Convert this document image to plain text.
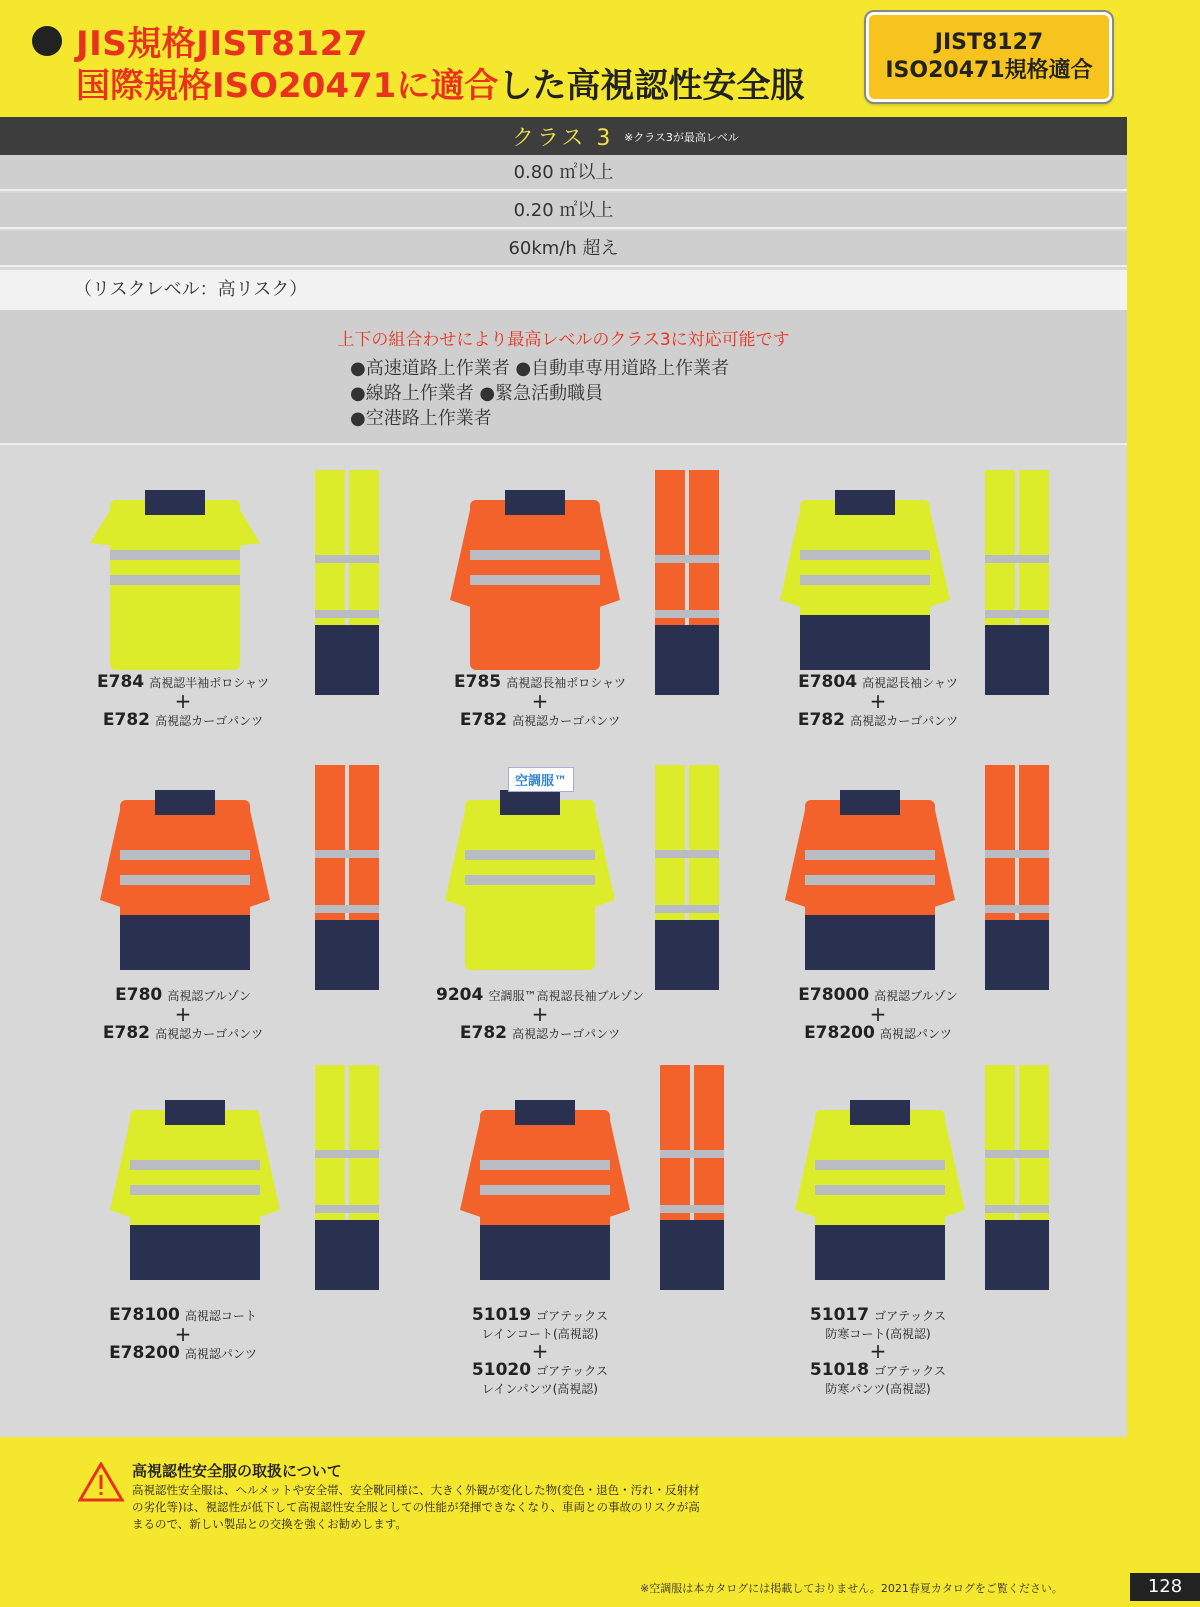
JIS規格JIST8127
国際規格ISO20471に適合した高視認性安全服
JIST8127
ISO20471規格適合
クラス 3 ※クラス3が最高レベル
0.80 ㎡以上
0.20 ㎡以上
60km/h 超え
（リスクレベル：高リスク）
上下の組合わせにより最高レベルのクラス3に対応可能です
●高速道路上作業者 ●自動車専用道路上作業者
●線路上作業者 ●緊急活動職員
●空港路上作業者
空調服™
E784 高視認半袖ポロシャツ
+
E782 高視認カーゴパンツ
E785 高視認長袖ポロシャツ
+
E782 高視認カーゴパンツ
E7804 高視認長袖シャツ
+
E782 高視認カーゴパンツ
E780 高視認ブルゾン
+
E782 高視認カーゴパンツ
9204 空調服™高視認長袖ブルゾン
+
E782 高視認カーゴパンツ
E78000 高視認ブルゾン
+
E78200 高視認パンツ
E78100 高視認コート
+
E78200 高視認パンツ
51019 ゴアテックス
レインコート(高視認)
+
51020 ゴアテックス
レインパンツ(高視認)
51017 ゴアテックス
防寒コート(高視認)
+
51018 ゴアテックス
防寒パンツ(高視認)
高視認性安全服の取扱について
高視認性安全服は、ヘルメットや安全帯、安全靴同様に、大きく外観が変化した物(変色・退色・汚れ・反射材の劣化等)は、視認性が低下して高視認性安全服としての性能が発揮できなくなり、車両との事故のリスクが高まるので、新しい製品との交換を強くお勧めします。
※空調服は本カタログには掲載しておりません。2021春夏カタログをご覧ください。	128
